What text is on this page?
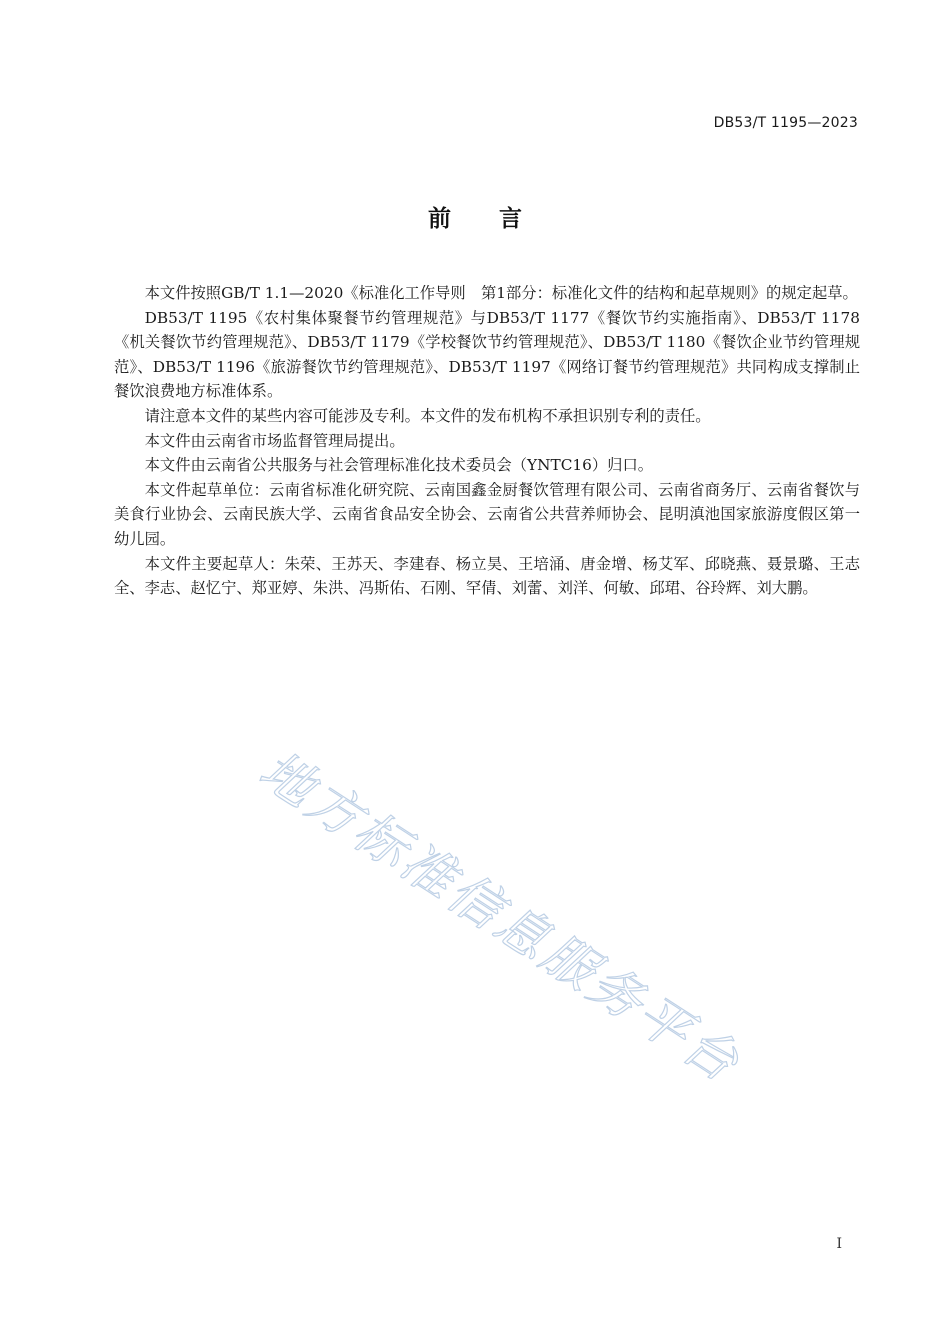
DB53/T 1195—2023
前言

本文件按照GB/T 1.1—2020《标准化工作导则　第1部分：标准化文件的结构和起草规则》的规定起草。

DB53/T 1195《农村集体聚餐节约管理规范》与DB53/T 1177《餐饮节约实施指南》、DB53/T 1178《机关餐饮节约管理规范》、DB53/T 1179《学校餐饮节约管理规范》、DB53/T 1180《餐饮企业节约管理规范》、DB53/T 1196《旅游餐饮节约管理规范》、DB53/T 1197《网络订餐节约管理规范》共同构成支撑制止餐饮浪费地方标准体系。

请注意本文件的某些内容可能涉及专利。本文件的发布机构不承担识别专利的责任。

本文件由云南省市场监督管理局提出。

本文件由云南省公共服务与社会管理标准化技术委员会（YNTC16）归口。

本文件起草单位：云南省标准化研究院、云南国鑫金厨餐饮管理有限公司、云南省商务厅、云南省餐饮与美食行业协会、云南民族大学、云南省食品安全协会、云南省公共营养师协会、昆明滇池国家旅游度假区第一幼儿园。

本文件主要起草人：朱荣、王苏天、李建春、杨立昊、王培涌、唐金增、杨艾军、邱晓燕、聂景璐、王志全、李志、赵忆宁、郑亚婷、朱洪、冯斯佑、石刚、罕倩、刘蕾、刘洋、何敏、邱珺、谷玲辉、刘大鹏。

地方标准信息服务平台
I
